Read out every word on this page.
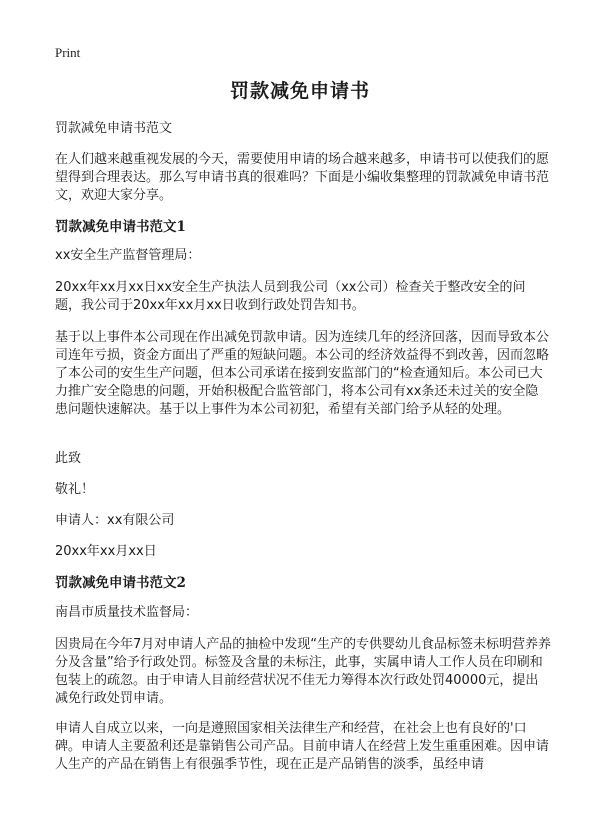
Print
罚款减免申请书

罚款减免申请书范文

在人们越来越重视发展的今天，需要使用申请的场合越来越多，申请书可以使我们的愿望得到合理表达。那么写申请书真的很难吗？下面是小编收集整理的罚款减免申请书范文，欢迎大家分享。

罚款减免申请书范文1

xx安全生产监督管理局：

20xx年xx月xx日xx安全生产执法人员到我公司（xx公司）检查关于整改安全的问题，我公司于20xx年xx月xx日收到行政处罚告知书。

基于以上事件本公司现在作出减免罚款申请。因为连续几年的经济回落，因而导致本公司连年亏损，资金方面出了严重的短缺问题。本公司的经济效益得不到改善，因而忽略了本公司的安生生产问题，但本公司承诺在接到安监部门的“检查通知后。本公司已大力推广安全隐患的问题，开始积极配合监管部门，将本公司有xx条还未过关的安全隐患问题快速解决。基于以上事件为本公司初犯，希望有关部门给予从轻的处理。

此致

敬礼！

申请人：xx有限公司

20xx年xx月xx日

罚款减免申请书范文2

南昌市质量技术监督局：

因贵局在今年7月对申请人产品的抽检中发现“生产的专供婴幼儿食品标签未标明营养养分及含量”给予行政处罚。标签及含量的未标注，此事，实属申请人工作人员在印刷和包装上的疏忽。由于申请人目前经营状况不佳无力筹得本次行政处罚40000元，提出减免行政处罚申请。

申请人自成立以来，一向是遵照国家相关法律生产和经营，在社会上也有良好的'口碑。申请人主要盈利还是靠销售公司产品。目前申请人在经营上发生重重困难。因申请人生产的产品在销售上有很强季节性，现在正是产品销售的淡季，虽经申请
